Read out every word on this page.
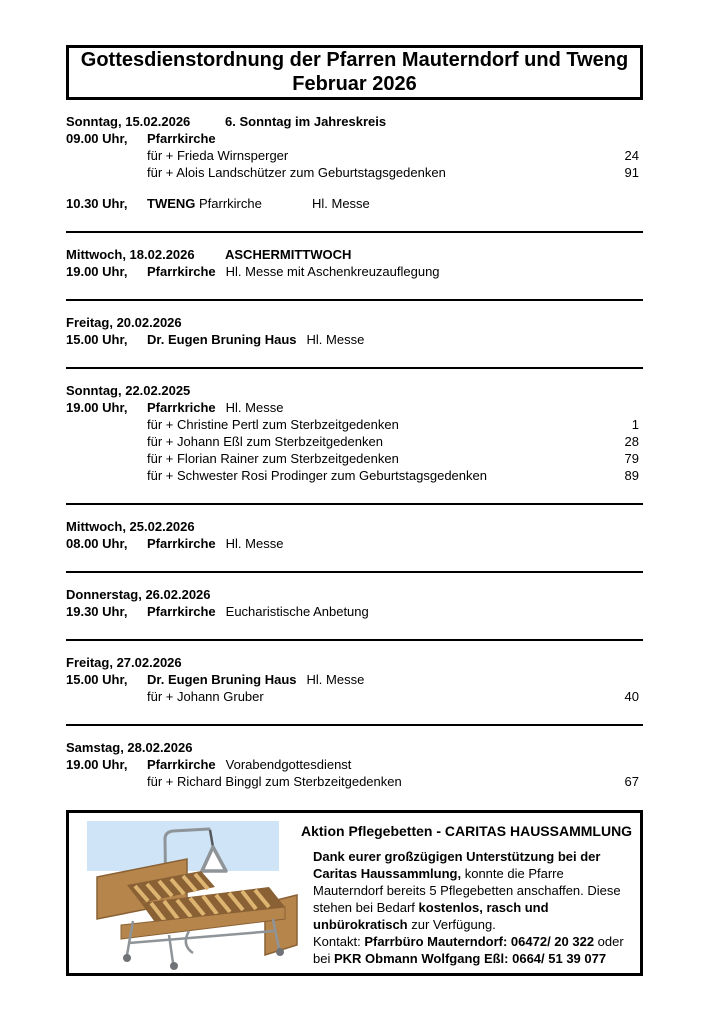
Gottesdienstordnung der Pfarren Mauterndorf und Tweng
Februar 2026
Sonntag, 15.02.2026	6. Sonntag im Jahreskreis
09.00 Uhr, Pfarrkirche
für + Frieda Wirnsperger	24
für + Alois Landschützer zum Geburtstagsgedenken	91
10.30 Uhr, TWENG Pfarrkirche	Hl. Messe
Mittwoch, 18.02.2026 ASCHERMITTWOCH
19.00 Uhr, Pfarrkirche Hl. Messe mit Aschenkreuzauflegung
Freitag, 20.02.2026
15.00 Uhr, Dr. Eugen Bruning Haus Hl. Messe
Sonntag, 22.02.2025
19.00 Uhr, Pfarrkriche Hl. Messe
für + Christine Pertl zum Sterbzeitgedenken	1
für + Johann Eßl zum Sterbzeitgedenken	28
für + Florian Rainer zum Sterbzeitgedenken	79
für + Schwester Rosi Prodinger zum Geburtstagsgedenken	89
Mittwoch, 25.02.2026
08.00 Uhr, Pfarrkirche Hl. Messe
Donnerstag, 26.02.2026
19.30 Uhr, Pfarrkirche Eucharistische Anbetung
Freitag, 27.02.2026
15.00 Uhr, Dr. Eugen Bruning Haus Hl. Messe
für + Johann Gruber	40
Samstag, 28.02.2026
19.00 Uhr, Pfarrkirche Vorabendgottesdienst
für + Richard Binggl zum Sterbzeitgedenken	67
Aktion Pflegebetten - CARITAS HAUSSAMMLUNG
Dank eurer großzügigen Unterstützung bei der Caritas Haussammlung, konnte die Pfarre Mauterndorf bereits 5 Pflegebetten anschaffen. Diese stehen bei Bedarf kostenlos, rasch und unbürokratisch zur Verfügung.
Kontakt: Pfarrbüro Mauterndorf: 06472/ 20 322 oder bei PKR Obmann Wolfgang Eßl: 0664/ 51 39 077
